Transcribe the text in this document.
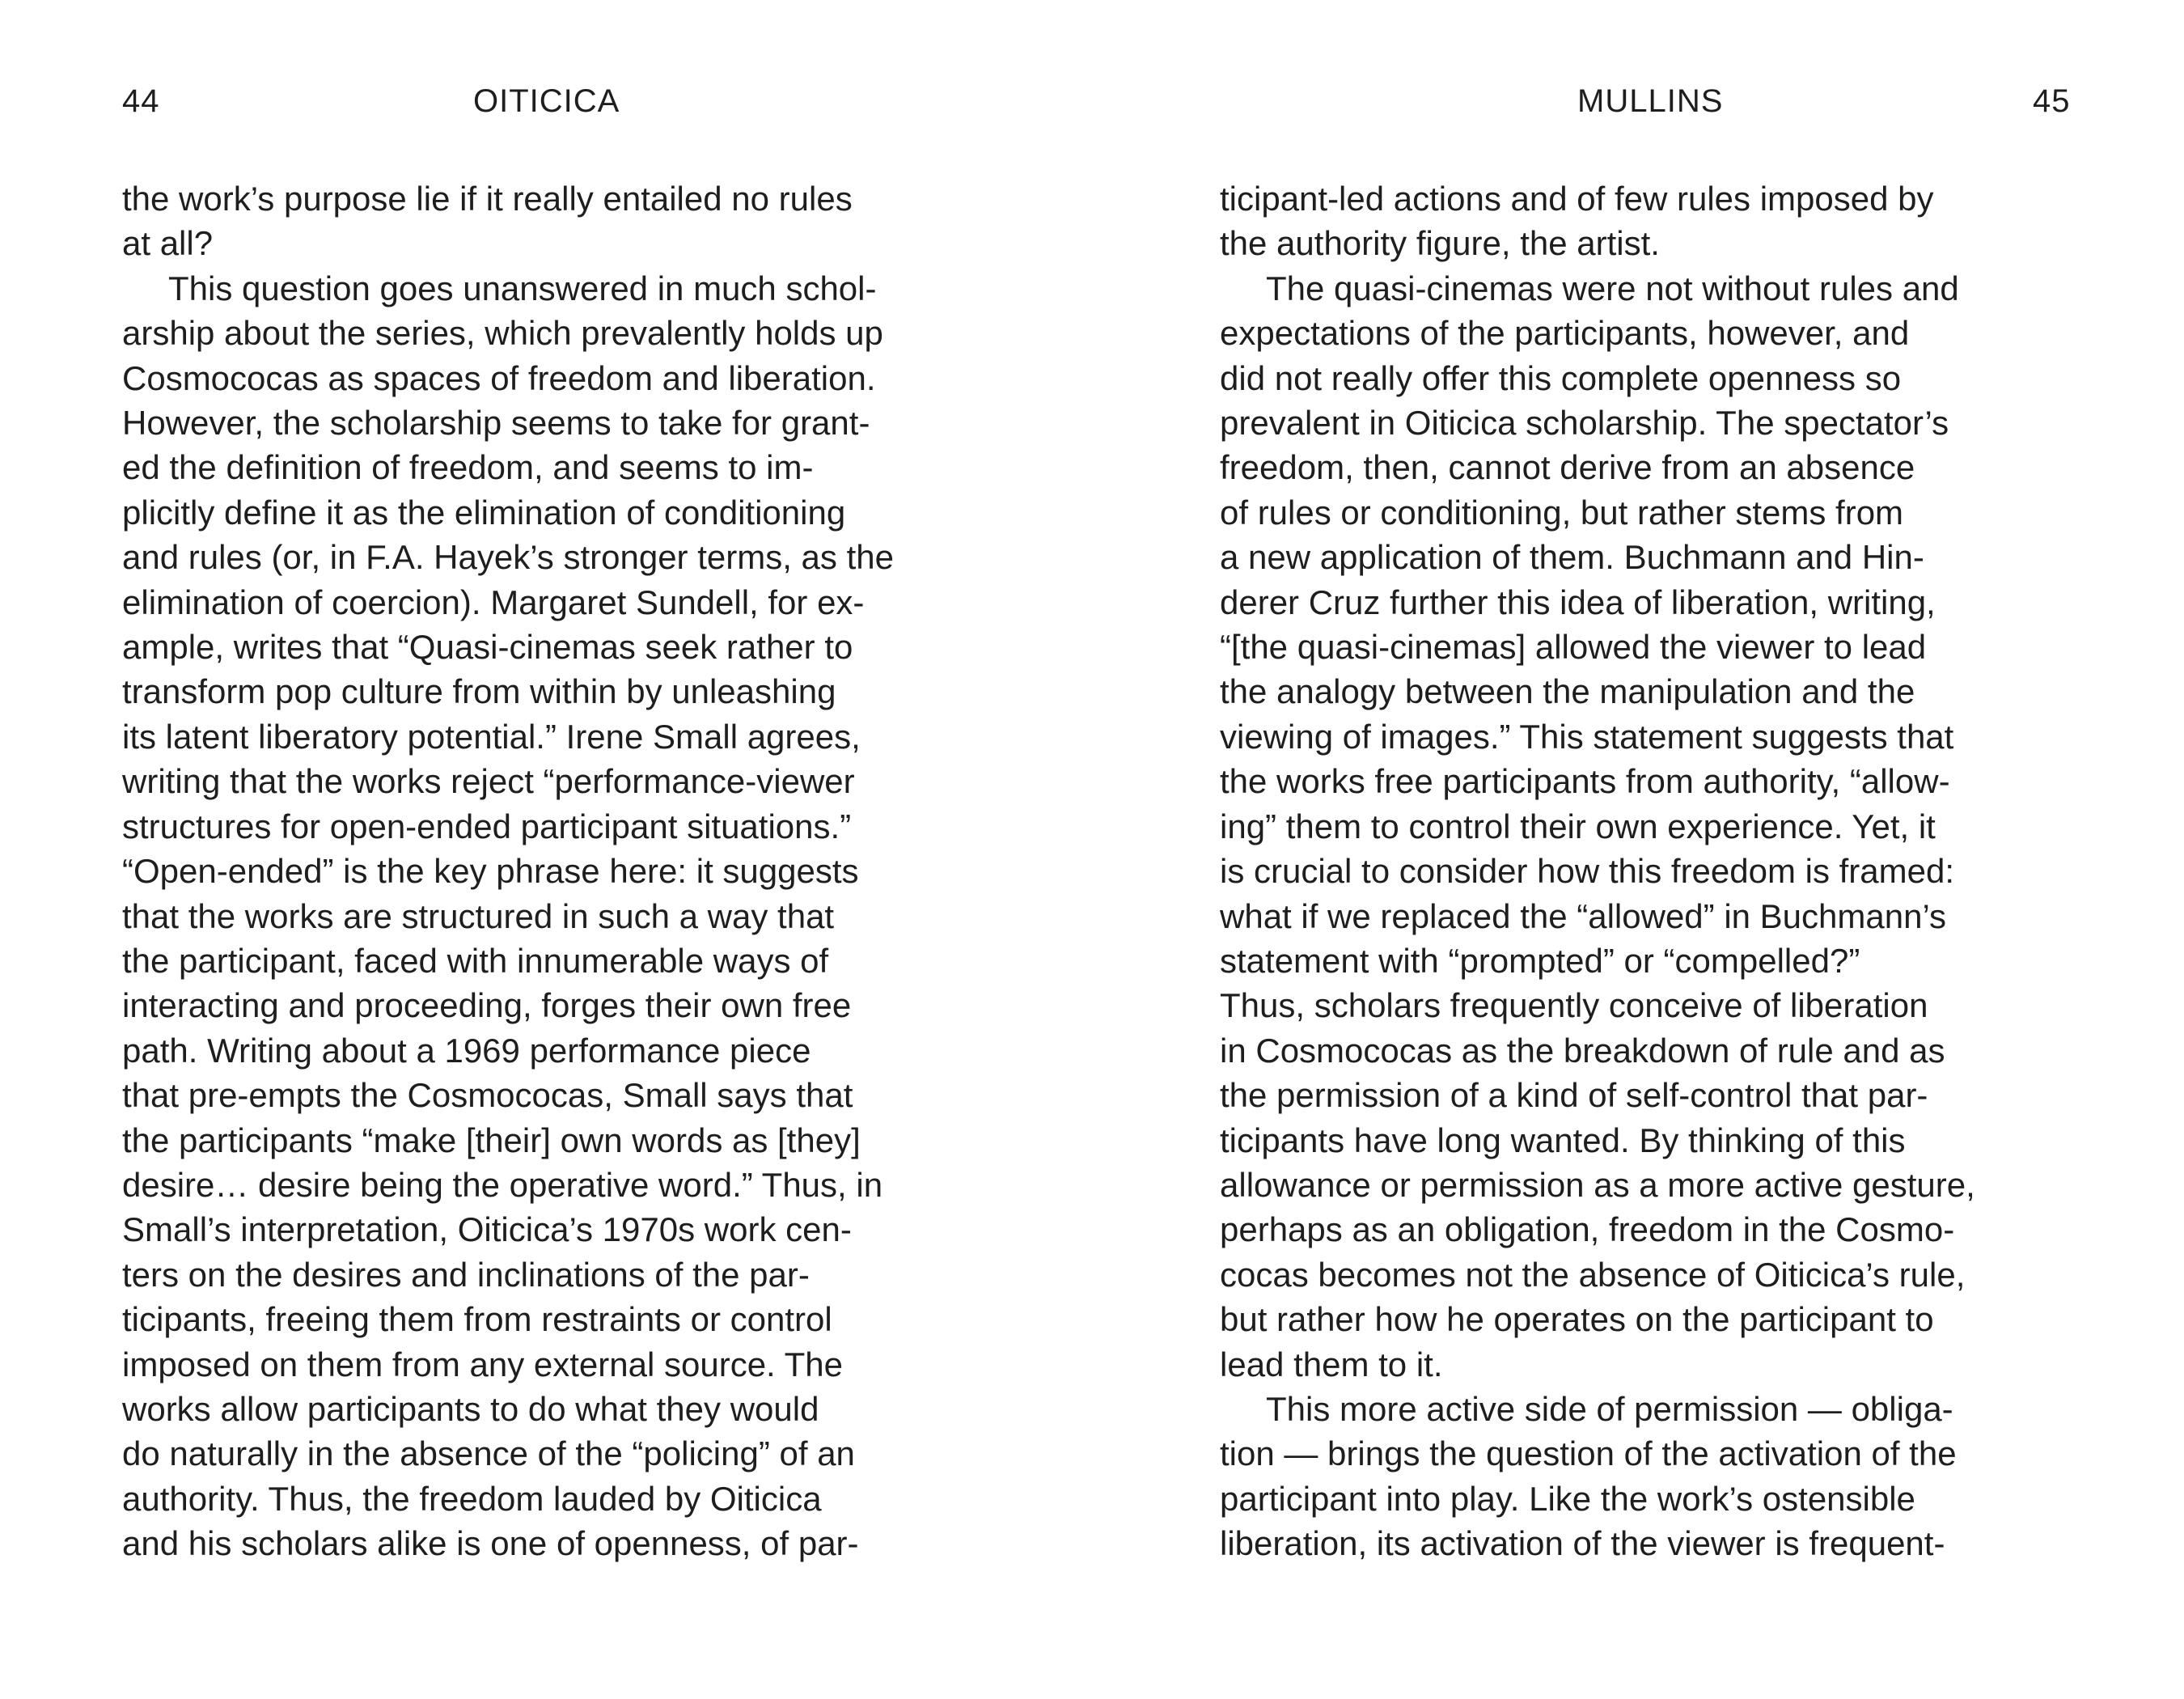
44	OITICICA	MULLINS	45
the work’s purpose lie if it really entailed no rules
at all?
This question goes unanswered in much schol-
arship about the series, which prevalently holds up
Cosmococas as spaces of freedom and liberation.
However, the scholarship seems to take for grant-
ed the definition of freedom, and seems to im-
plicitly define it as the elimination of conditioning
and rules (or, in F.A. Hayek’s stronger terms, as the
elimination of coercion). Margaret Sundell, for ex-
ample, writes that “Quasi-cinemas seek rather to
transform pop culture from within by unleashing
its latent liberatory potential.” Irene Small agrees,
writing that the works reject “performance-viewer
structures for open-ended participant situations.”
“Open-ended” is the key phrase here: it suggests
that the works are structured in such a way that
the participant, faced with innumerable ways of
interacting and proceeding, forges their own free
path. Writing about a 1969 performance piece
that pre-empts the Cosmococas, Small says that
the participants “make [their] own words as [they]
desire… desire being the operative word.” Thus, in
Small’s interpretation, Oiticica’s 1970s work cen-
ters on the desires and inclinations of the par-
ticipants, freeing them from restraints or control
imposed on them from any external source. The
works allow participants to do what they would
do naturally in the absence of the “policing” of an
authority. Thus, the freedom lauded by Oiticica
and his scholars alike is one of openness, of par-
ticipant-led actions and of few rules imposed by
the authority figure, the artist.
The quasi-cinemas were not without rules and
expectations of the participants, however, and
did not really offer this complete openness so
prevalent in Oiticica scholarship. The spectator’s
freedom, then, cannot derive from an absence
of rules or conditioning, but rather stems from
a new application of them. Buchmann and Hin-
derer Cruz further this idea of liberation, writing,
“[the quasi-cinemas] allowed the viewer to lead
the analogy between the manipulation and the
viewing of images.” This statement suggests that
the works free participants from authority, “allow-
ing” them to control their own experience. Yet, it
is crucial to consider how this freedom is framed:
what if we replaced the “allowed” in Buchmann’s
statement with “prompted” or “compelled?”
Thus, scholars frequently conceive of liberation
in Cosmococas as the breakdown of rule and as
the permission of a kind of self-control that par-
ticipants have long wanted. By thinking of this
allowance or permission as a more active gesture,
perhaps as an obligation, freedom in the Cosmo-
cocas becomes not the absence of Oiticica’s rule,
but rather how he operates on the participant to
lead them to it.
This more active side of permission — obliga-
tion — brings the question of the activation of the
participant into play. Like the work’s ostensible
liberation, its activation of the viewer is frequent-
